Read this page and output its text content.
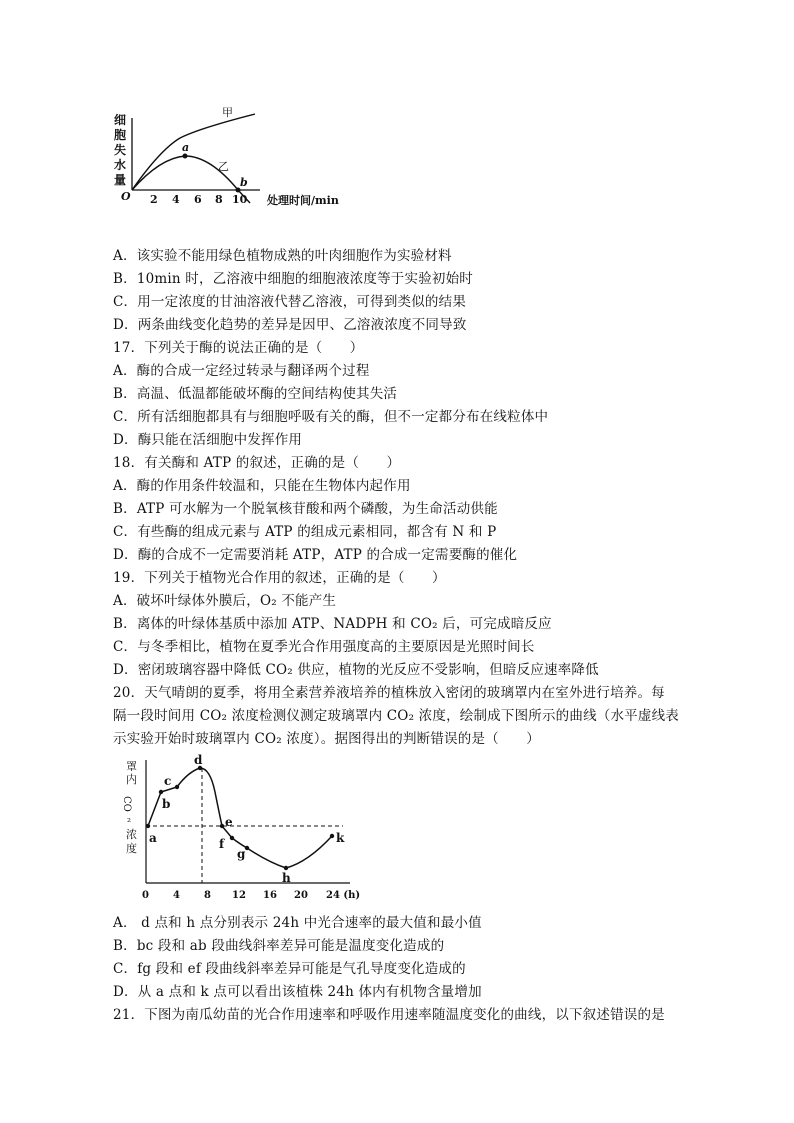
细
胞
失
水
量
O 2 4 6 8 10 处理时间/min
甲
乙
a
b
A．该实验不能用绿色植物成熟的叶肉细胞作为实验材料
B．10min 时，乙溶液中细胞的细胞液浓度等于实验初始时
C．用一定浓度的甘油溶液代替乙溶液，可得到类似的结果
D．两条曲线变化趋势的差异是因甲、乙溶液浓度不同导致
17．下列关于酶的说法正确的是（　　）
A．酶的合成一定经过转录与翻译两个过程
B．高温、低温都能破坏酶的空间结构使其失活
C．所有活细胞都具有与细胞呼吸有关的酶，但不一定都分布在线粒体中
D．酶只能在活细胞中发挥作用
18．有关酶和 ATP 的叙述，正确的是（　　）
A．酶的作用条件较温和，只能在生物体内起作用
B．ATP 可水解为一个脱氧核苷酸和两个磷酸，为生命活动供能
C．有些酶的组成元素与 ATP 的组成元素相同，都含有 N 和 P
D．酶的合成不一定需要消耗 ATP，ATP 的合成一定需要酶的催化
19．下列关于植物光合作用的叙述，正确的是（　　）
A．破坏叶绿体外膜后，O₂ 不能产生
B．离体的叶绿体基质中添加 ATP、NADPH 和 CO₂ 后，可完成暗反应
C．与冬季相比，植物在夏季光合作用强度高的主要原因是光照时间长
D．密闭玻璃容器中降低 CO₂ 供应，植物的光反应不受影响，但暗反应速率降低
20．天气晴朗的夏季，将用全素营养液培养的植株放入密闭的玻璃罩内在室外进行培养。每
隔一段时间用 CO₂ 浓度检测仪测定玻璃罩内 CO₂ 浓度，绘制成下图所示的曲线（水平虚线表
示实验开始时玻璃罩内 CO₂ 浓度）。据图得出的判断错误的是（　　）
罩
内
CO
₂
浓
度
0 4 8 12 16 20 24 (h)
a
b
c
d
e
f
g
h
k
A． d 点和 h 点分别表示 24h 中光合速率的最大值和最小值
B．bc 段和 ab 段曲线斜率差异可能是温度变化造成的
C．fg 段和 ef 段曲线斜率差异可能是气孔导度变化造成的
D．从 a 点和 k 点可以看出该植株 24h 体内有机物含量增加
21．下图为南瓜幼苗的光合作用速率和呼吸作用速率随温度变化的曲线，以下叙述错误的是
